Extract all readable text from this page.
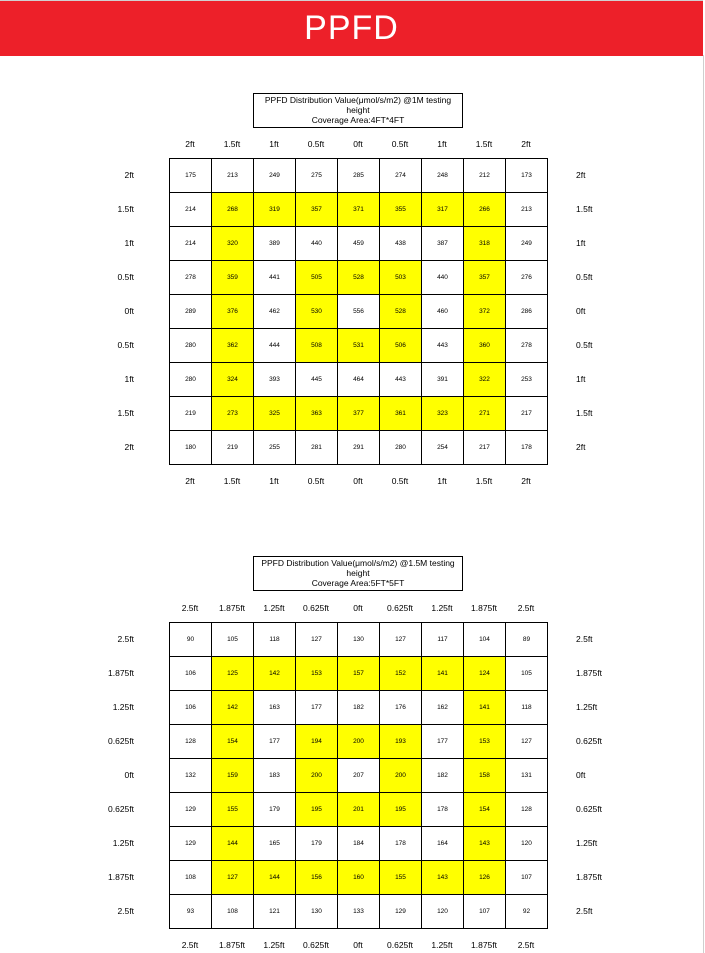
PPFD
PPFD Distribution Value(μmol/s/m2) @1M testing
height
Coverage Area:4FT*4FT
2ft	1.5ft	1ft	0.5ft	0ft	0.5ft	1ft	1.5ft	2ft
2ft	1.5ft	1ft	0.5ft	0ft	0.5ft	1ft	1.5ft	2ft
2ft	2ft
1.5ft	1.5ft
1ft	1ft
0.5ft	0.5ft
0ft	0ft
0.5ft	0.5ft
1ft	1ft
1.5ft	1.5ft
2ft	2ft
175	213	249	275	285	274	248	212	173
214	268	319	357	371	355	317	266	213
214	320	389	440	459	438	387	318	249
278	359	441	505	528	503	440	357	276
289	376	462	530	556	528	460	372	286
280	362	444	508	531	506	443	360	278
280	324	393	445	464	443	391	322	253
219	273	325	363	377	361	323	271	217
180	219	255	281	291	280	254	217	178
PPFD Distribution Value(μmol/s/m2) @1.5M testing
height
Coverage Area:5FT*5FT
2.5ft	1.875ft	1.25ft	0.625ft	0ft	0.625ft	1.25ft	1.875ft	2.5ft
2.5ft	1.875ft	1.25ft	0.625ft	0ft	0.625ft	1.25ft	1.875ft	2.5ft
2.5ft	2.5ft
1.875ft	1.875ft
1.25ft	1.25ft
0.625ft	0.625ft
0ft	0ft
0.625ft	0.625ft
1.25ft	1.25ft
1.875ft	1.875ft
2.5ft	2.5ft
90	105	118	127	130	127	117	104	89
106	125	142	153	157	152	141	124	105
106	142	163	177	182	176	162	141	118
128	154	177	194	200	193	177	153	127
132	159	183	200	207	200	182	158	131
129	155	179	195	201	195	178	154	128
129	144	165	179	184	178	164	143	120
108	127	144	156	160	155	143	126	107
93	108	121	130	133	129	120	107	92
